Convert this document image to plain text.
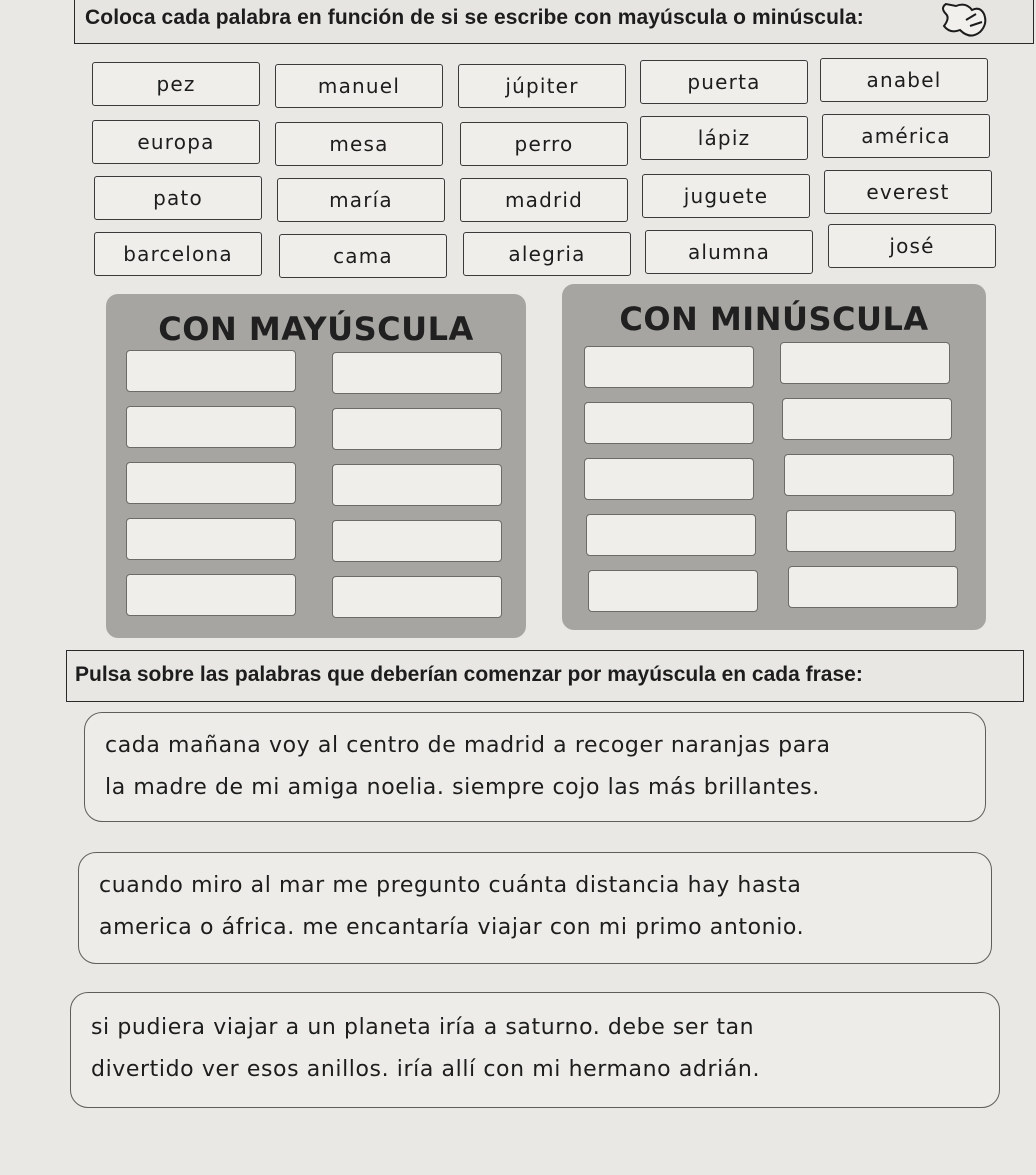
Coloca cada palabra en función de si se escribe con mayúscula o minúscula:
pez	manuel	júpiter	puerta	anabel
europa	mesa	perro	lápiz	américa
pato	maría	madrid	juguete	everest
barcelona	cama	alegria	alumna	josé
CON MAYÚSCULA	CON MINÚSCULA
Pulsa sobre las palabras que deberían comenzar por mayúscula en cada frase:
cada mañana voy al centro de madrid a recoger naranjas para
la madre de mi amiga noelia. siempre cojo las más brillantes.
cuando miro al mar me pregunto cuánta distancia hay hasta
america o áfrica. me encantaría viajar con mi primo antonio.
si pudiera viajar a un planeta iría a saturno. debe ser tan
divertido ver esos anillos. iría allí con mi hermano adrián.
